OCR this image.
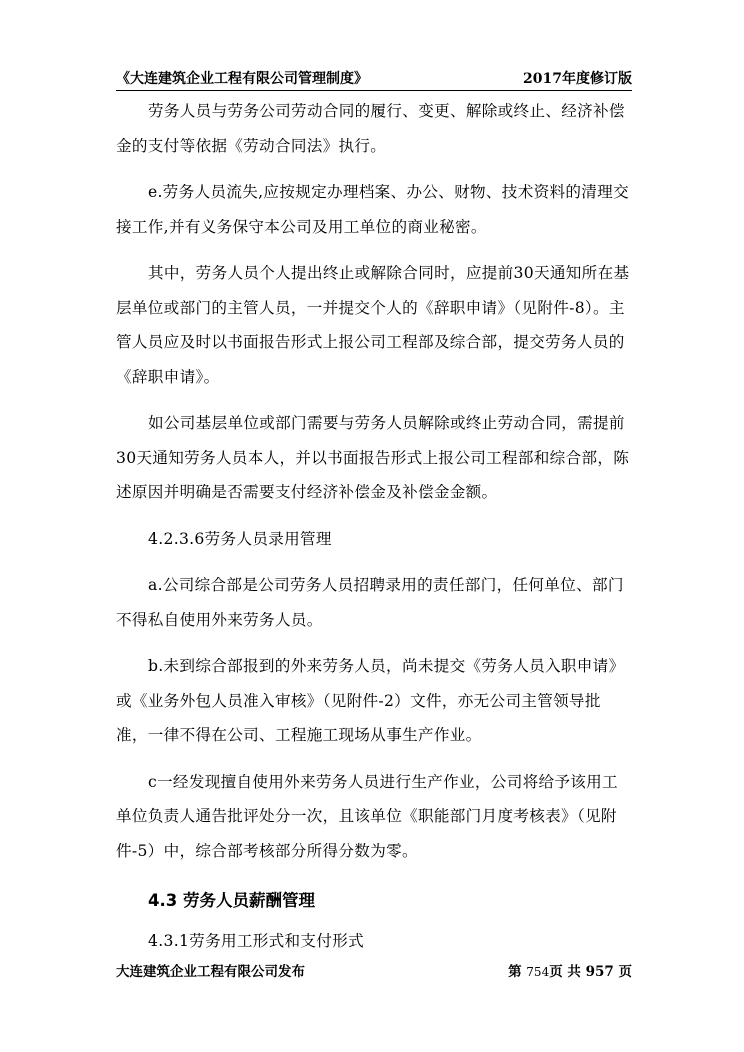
《大连建筑企业工程有限公司管理制度》	2017年度修订版

劳务人员与劳务公司劳动合同的履行、变更、解除或终止、经济补偿金的支付等依据《劳动合同法》执行。

e.劳务人员流失,应按规定办理档案、办公、财物、技术资料的清理交接工作,并有义务保守本公司及用工单位的商业秘密。

其中，劳务人员个人提出终止或解除合同时，应提前30天通知所在基层单位或部门的主管人员，一并提交个人的《辞职申请》（见附件-8）。主管人员应及时以书面报告形式上报公司工程部及综合部，提交劳务人员的《辞职申请》。

如公司基层单位或部门需要与劳务人员解除或终止劳动合同，需提前30天通知劳务人员本人，并以书面报告形式上报公司工程部和综合部，陈述原因并明确是否需要支付经济补偿金及补偿金金额。

4.2.3.6劳务人员录用管理

a.公司综合部是公司劳务人员招聘录用的责任部门，任何单位、部门不得私自使用外来劳务人员。

b.未到综合部报到的外来劳务人员，尚未提交《劳务人员入职申请》或《业务外包人员准入审核》（见附件-2）文件，亦无公司主管领导批准，一律不得在公司、工程施工现场从事生产作业。

c一经发现擅自使用外来劳务人员进行生产作业，公司将给予该用工单位负责人通告批评处分一次，且该单位《职能部门月度考核表》（见附件-5）中，综合部考核部分所得分数为零。

4.3 劳务人员薪酬管理

4.3.1劳务用工形式和支付形式

大连建筑企业工程有限公司发布	第 754页 共 957 页
